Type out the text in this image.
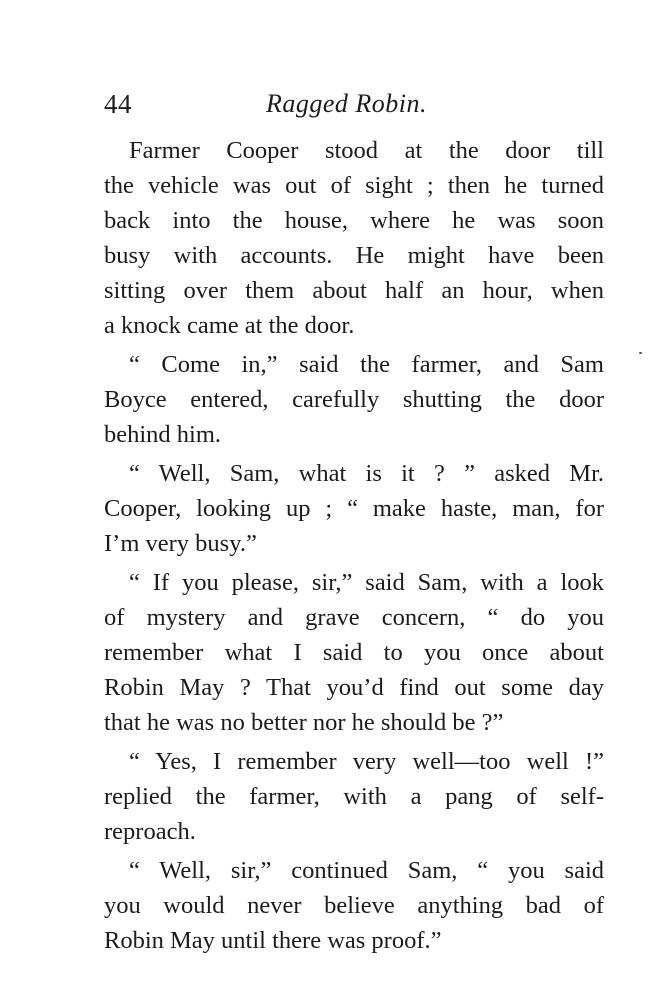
44	Ragged Robin.
Farmer Cooper stood at the door till
the vehicle was out of sight ; then he turned
back into the house, where he was soon
busy with accounts. He might have been
sitting over them about half an hour, when
a knock came at the door.
“ Come in,” said the farmer, and Sam
Boyce entered, carefully shutting the door
behind him.
“ Well, Sam, what is it ? ” asked Mr.
Cooper, looking up ; “ make haste, man, for
I’m very busy.”
“ If you please, sir,” said Sam, with a look
of mystery and grave concern, “ do you
remember what I said to you once about
Robin May ? That you’d find out some day
that he was no better nor he should be ?”
“ Yes, I remember very well—too well !”
replied the farmer, with a pang of self-
reproach.
“ Well, sir,” continued Sam, “ you said
you would never believe anything bad of
Robin May until there was proof.”
